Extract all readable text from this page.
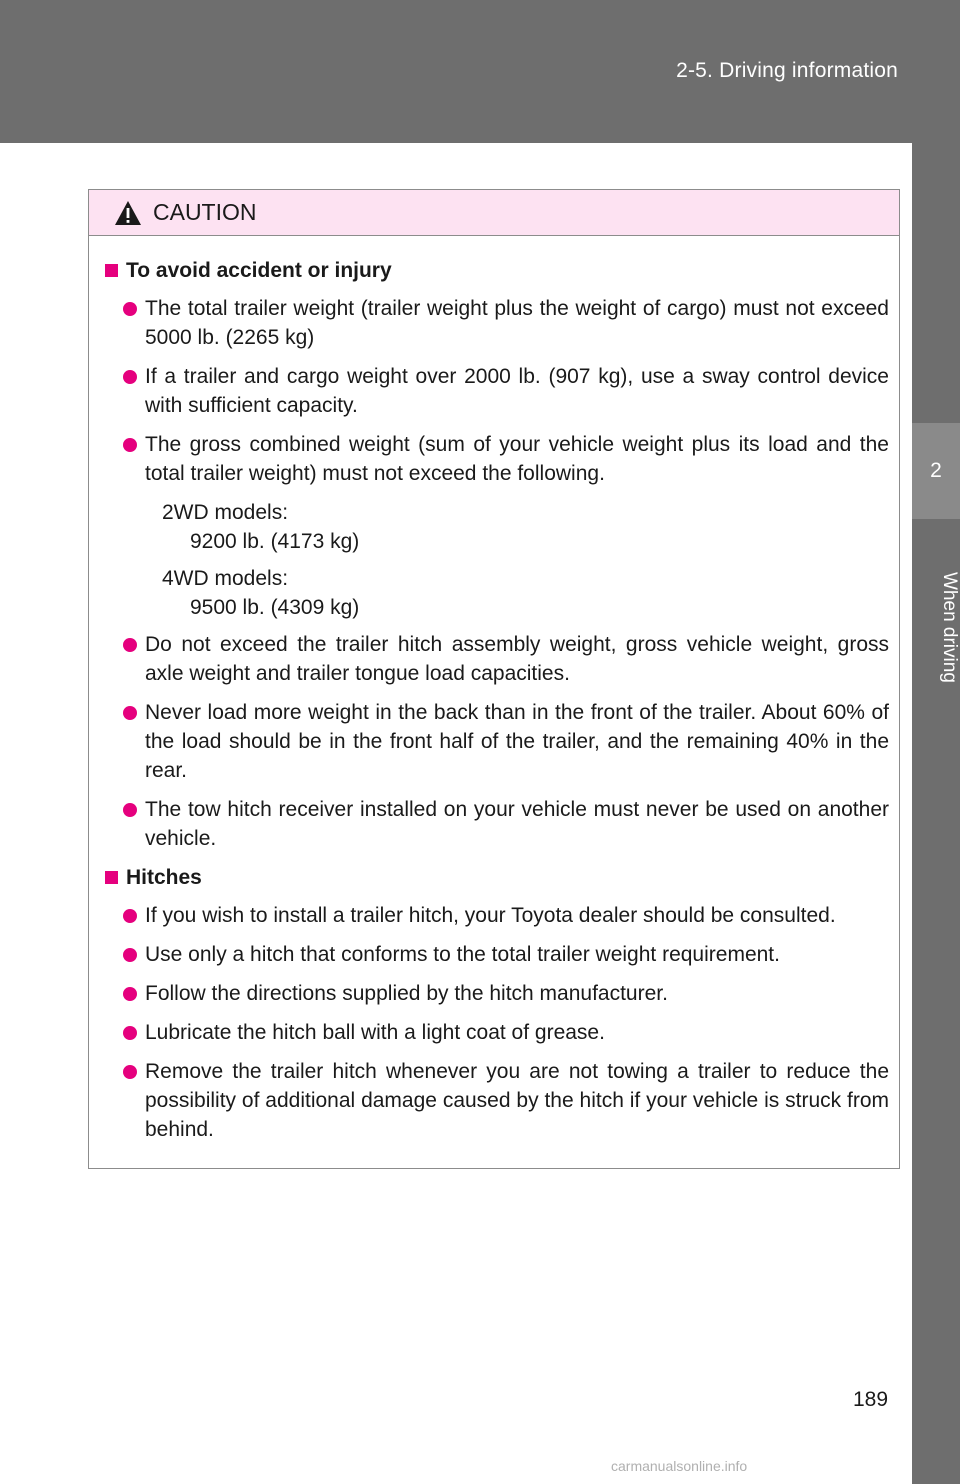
2-5. Driving information
2
When driving
CAUTION
To avoid accident or injury
The total trailer weight (trailer weight plus the weight of cargo) must not exceed 5000 lb. (2265 kg)
If a trailer and cargo weight over 2000 lb. (907 kg), use a sway control device with sufficient capacity.
The gross combined weight (sum of your vehicle weight plus its load and the total trailer weight) must not exceed the following.
2WD models:
9200 lb. (4173 kg)
4WD models:
9500 lb. (4309 kg)
Do not exceed the trailer hitch assembly weight, gross vehicle weight, gross axle weight and trailer tongue load capacities.
Never load more weight in the back than in the front of the trailer. About 60% of the load should be in the front half of the trailer, and the remaining 40% in the rear.
The tow hitch receiver installed on your vehicle must never be used on another vehicle.
Hitches
If you wish to install a trailer hitch, your Toyota dealer should be consulted.
Use only a hitch that conforms to the total trailer weight requirement.
Follow the directions supplied by the hitch manufacturer.
Lubricate the hitch ball with a light coat of grease.
Remove the trailer hitch whenever you are not towing a trailer to reduce the possibility of additional damage caused by the hitch if your vehicle is struck from behind.
189
carmanualsonline.info
